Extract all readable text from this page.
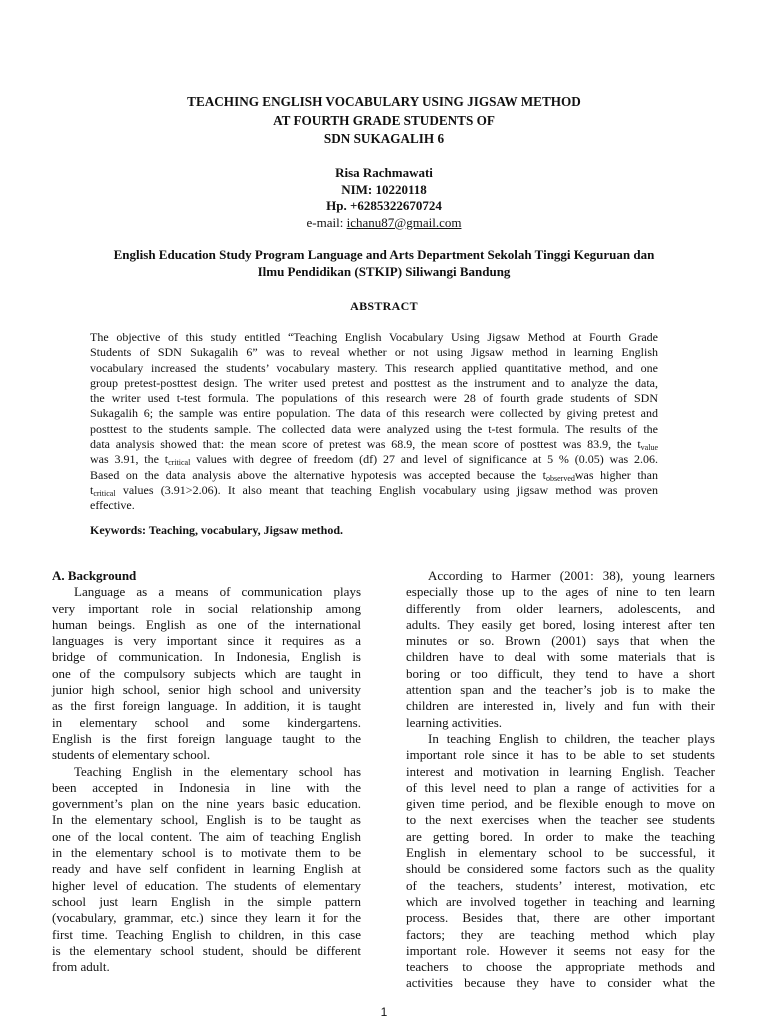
TEACHING ENGLISH VOCABULARY USING JIGSAW METHOD
AT FOURTH GRADE STUDENTS OF
SDN SUKAGALIH 6
Risa Rachmawati
NIM: 10220118
Hp. +6285322670724
e-mail: ichanu87@gmail.com
English Education Study Program Language and Arts Department Sekolah Tinggi Keguruan dan
Ilmu Pendidikan (STKIP) Siliwangi Bandung
ABSTRACT
The objective of this study entitled “Teaching English Vocabulary Using Jigsaw Method at Fourth Grade
Students of SDN Sukagalih 6” was to reveal whether or not using Jigsaw method in learning English
vocabulary increased the students’ vocabulary mastery. This research applied quantitative method, and one
group pretest-posttest design. The writer used pretest and posttest as the instrument and to analyze the data,
the writer used t-test formula. The populations of this research were 28 of fourth grade students of SDN
Sukagalih 6; the sample was entire population. The data of this research were collected by giving pretest and
posttest to the students sample. The collected data were analyzed using the t-test formula. The results of the
data analysis showed that: the mean score of pretest was 68.9, the mean score of posttest was 83.9, the $t_{value}$
was 3.91, the $t_{critical}$ values with degree of freedom (df) 27 and level of significance at 5 % (0.05) was 2.06.
Based on the data analysis above the alternative hypotesis was accepted because the $t_{observed}was$ higher than
$t_{critical}$ values (3.91>2.06). It also meant that teaching English vocabulary using jigsaw method was proven
effective.
Keywords: Teaching, vocabulary, Jigsaw method.
A. Background
Language as a means of communication plays
very important role in social relationship among
human beings. English as one of the international
languages is very important since it requires as a
bridge of communication. In Indonesia, English is
one of the compulsory subjects which are taught in
junior high school, senior high school and university
as the first foreign language. In addition, it is taught
in elementary school and some kindergartens.
English is the first foreign language taught to the
students of elementary school.
Teaching English in the elementary school has
been accepted in Indonesia in line with the
government’s plan on the nine years basic education.
In the elementary school, English is to be taught as
one of the local content. The aim of teaching English
in the elementary school is to motivate them to be
ready and have self confident in learning English at
higher level of education. The students of elementary
school just learn English in the simple pattern
(vocabulary, grammar, etc.) since they learn it for the
first time. Teaching English to children, in this case
is the elementary school student, should be different
from adult.
According to Harmer (2001: 38), young learners
especially those up to the ages of nine to ten learn
differently from older learners, adolescents, and
adults. They easily get bored, losing interest after ten
minutes or so. Brown (2001) says that when the
children have to deal with some materials that is
boring or too difficult, they tend to have a short
attention span and the teacher’s job is to make the
children are interested in, lively and fun with their
learning activities.
In teaching English to children, the teacher plays
important role since it has to be able to set students
interest and motivation in learning English. Teacher
of this level need to plan a range of activities for a
given time period, and be flexible enough to move on
to the next exercises when the teacher see students
are getting bored. In order to make the teaching
English in elementary school to be successful, it
should be considered some factors such as the quality
of the teachers, students’ interest, motivation, etc
which are involved together in teaching and learning
process. Besides that, there are other important
factors; they are teaching method which play
important role. However it seems not easy for the
teachers to choose the appropriate methods and
activities because they have to consider what the
1
